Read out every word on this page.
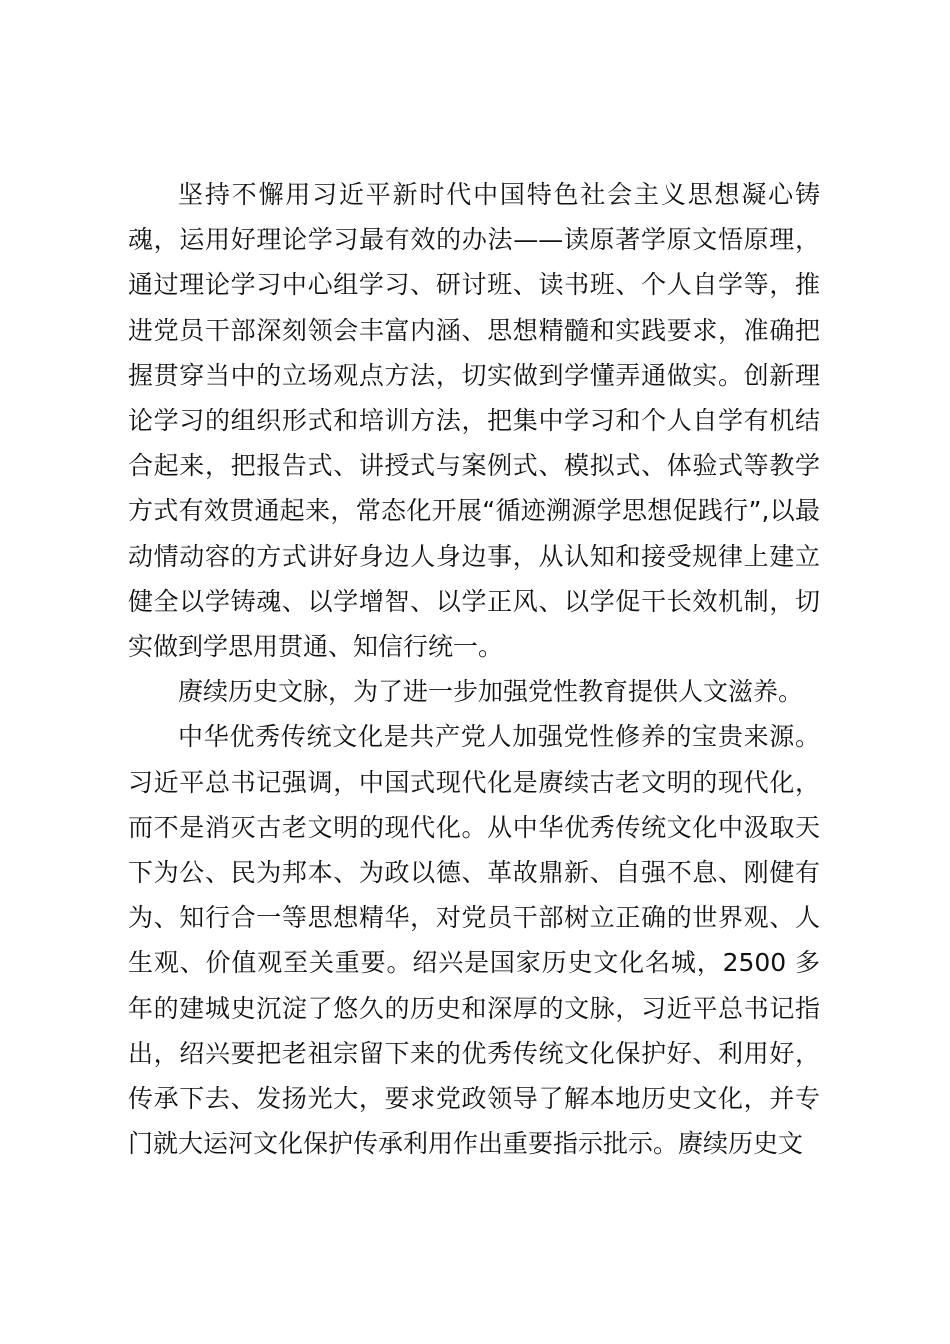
坚持不懈用习近平新时代中国特色社会主义思想凝心铸魂，运用好理论学习最有效的办法——读原著学原文悟原理，通过理论学习中心组学习、研讨班、读书班、个人自学等，推进党员干部深刻领会丰富内涵、思想精髓和实践要求，准确把握贯穿当中的立场观点方法，切实做到学懂弄通做实。创新理论学习的组织形式和培训方法，把集中学习和个人自学有机结合起来，把报告式、讲授式与案例式、模拟式、体验式等教学方式有效贯通起来，常态化开展“循迹溯源学思想促践行”,以最动情动容的方式讲好身边人身边事，从认知和接受规律上建立健全以学铸魂、以学增智、以学正风、以学促干长效机制，切实做到学思用贯通、知信行统一。

赓续历史文脉，为了进一步加强党性教育提供人文滋养。

中华优秀传统文化是共产党人加强党性修养的宝贵来源。习近平总书记强调，中国式现代化是赓续古老文明的现代化，而不是消灭古老文明的现代化。从中华优秀传统文化中汲取天下为公、民为邦本、为政以德、革故鼎新、自强不息、刚健有为、知行合一等思想精华，对党员干部树立正确的世界观、人生观、价值观至关重要。绍兴是国家历史文化名城，2500 多年的建城史沉淀了悠久的历史和深厚的文脉，习近平总书记指出，绍兴要把老祖宗留下来的优秀传统文化保护好、利用好，传承下去、发扬光大，要求党政领导了解本地历史文化，并专门就大运河文化保护传承利用作出重要指示批示。赓续历史文
